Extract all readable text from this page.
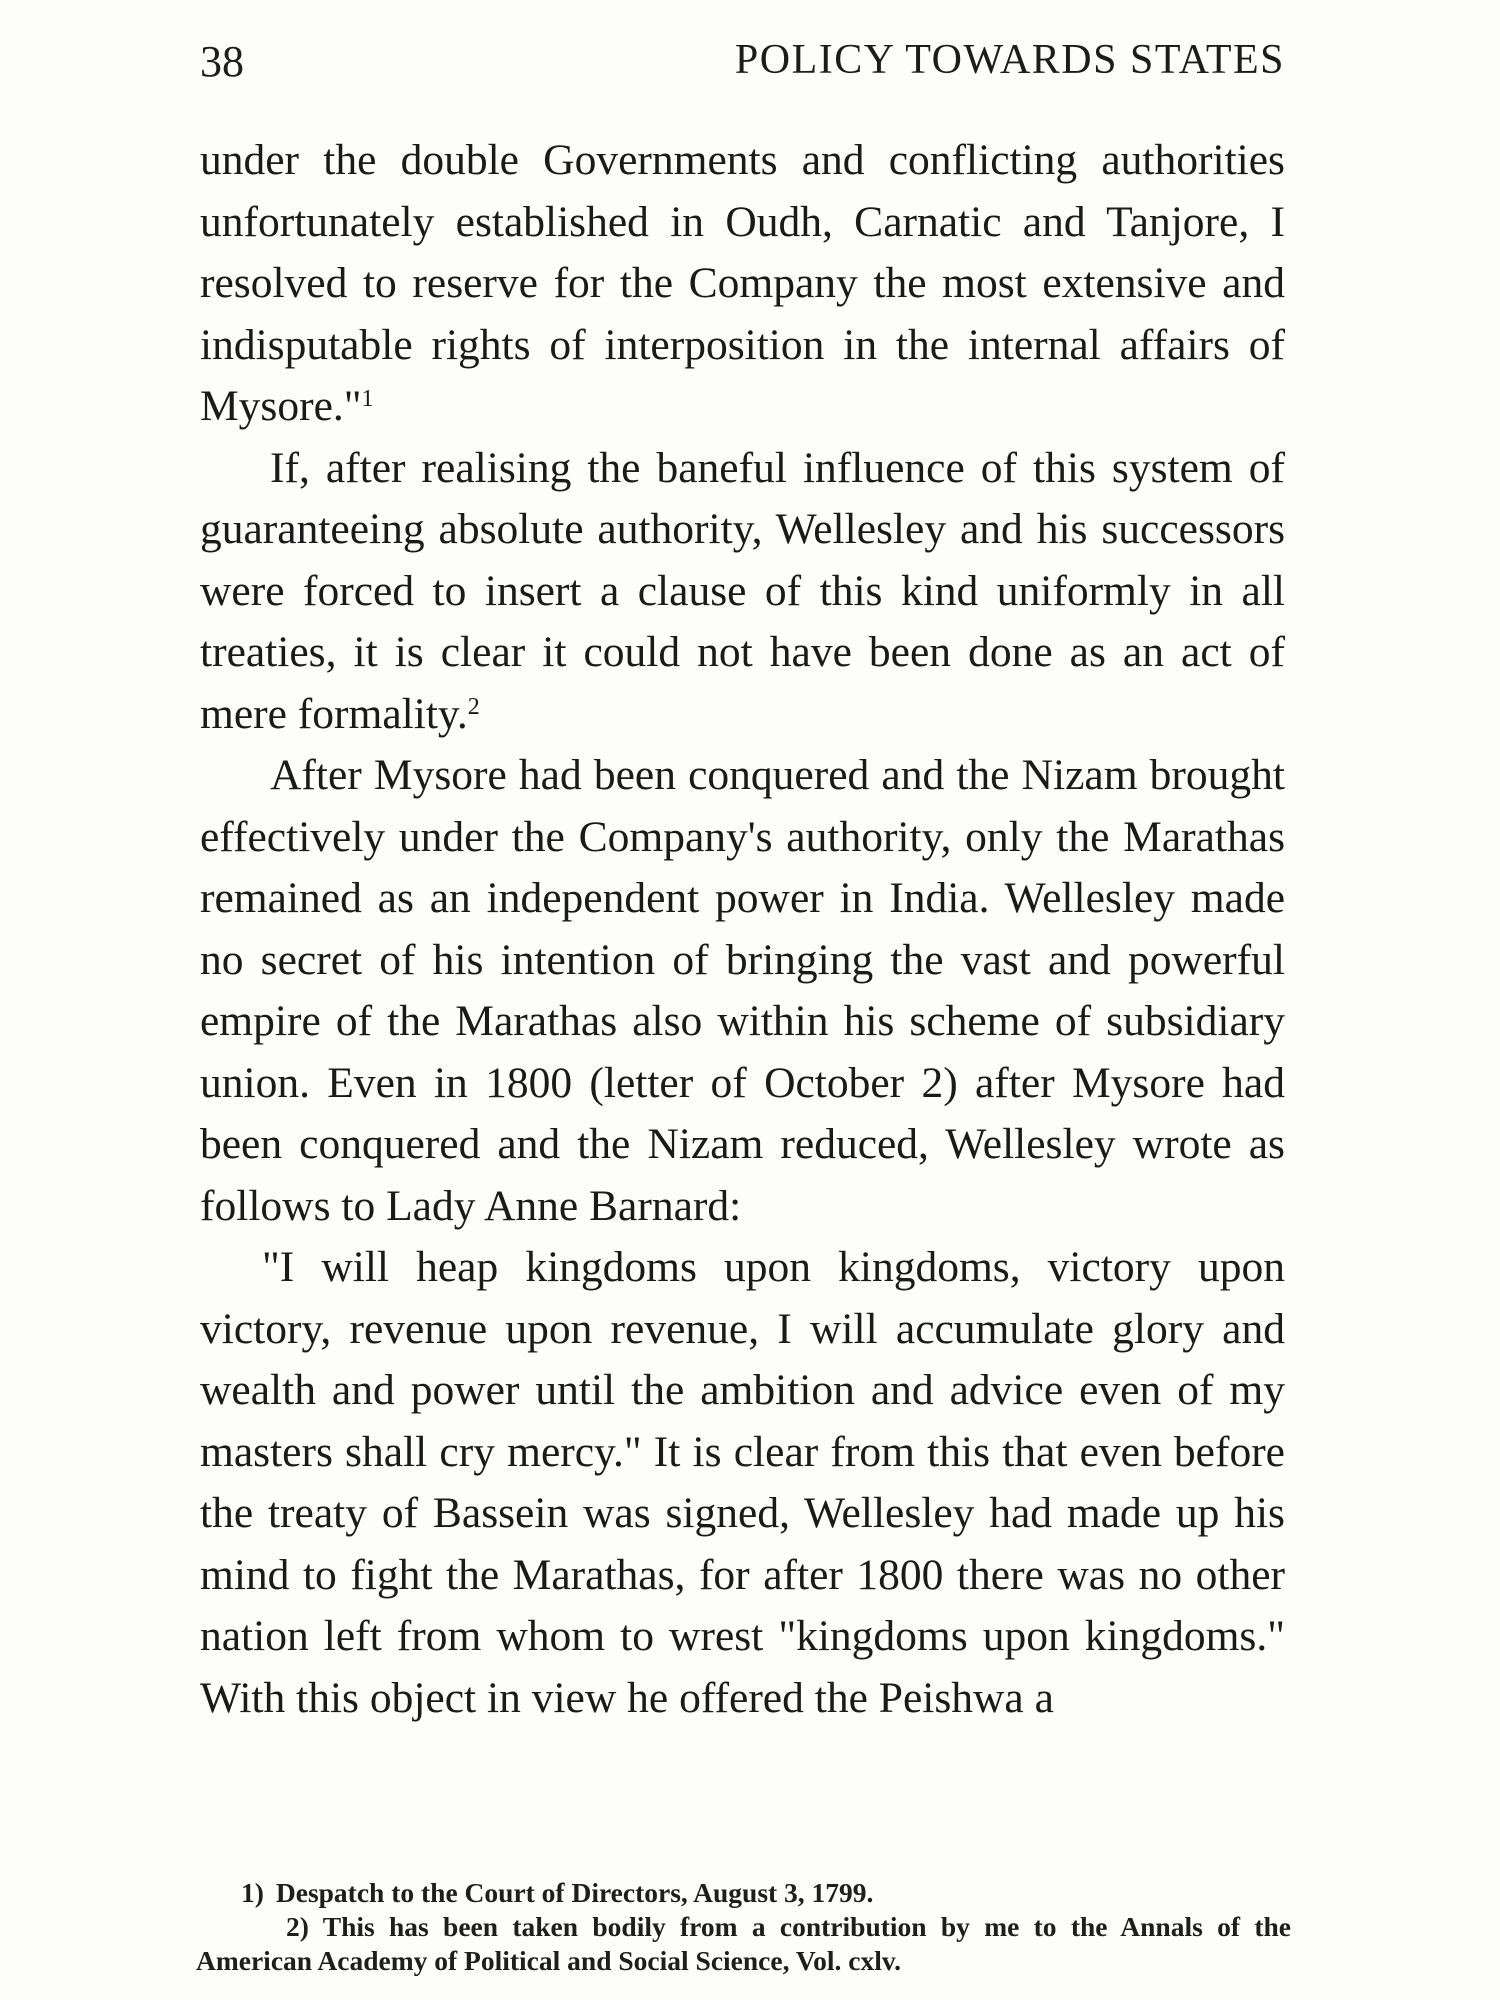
38	POLICY TOWARDS STATES

under the double Governments and conflicting authorities unfortunately established in Oudh, Carnatic and Tanjore, I resolved to reserve for the Company the most extensive and indisputable rights of interposition in the internal affairs of Mysore."$^1$

If, after realising the baneful influence of this system of guaranteeing absolute authority, Wellesley and his successors were forced to insert a clause of this kind uniformly in all treaties, it is clear it could not have been done as an act of mere formality.$^2$

After Mysore had been conquered and the Nizam brought effectively under the Company's authority, only the Marathas remained as an independent power in India. Wellesley made no secret of his intention of bringing the vast and powerful empire of the Marathas also within his scheme of subsidiary union. Even in 1800 (letter of October 2) after Mysore had been conquered and the Nizam reduced, Wellesley wrote as follows to Lady Anne Barnard:

"I will heap kingdoms upon kingdoms, victory upon victory, revenue upon revenue, I will accumulate glory and wealth and power until the ambition and advice even of my masters shall cry mercy." It is clear from this that even before the treaty of Bassein was signed, Wellesley had made up his mind to fight the Marathas, for after 1800 there was no other nation left from whom to wrest "kingdoms upon kingdoms." With this object in view he offered the Peishwa a

1) Despatch to the Court of Directors, August 3, 1799.

2) This has been taken bodily from a contribution by me to the Annals of the American Academy of Political and Social Science, Vol. cxlv.
